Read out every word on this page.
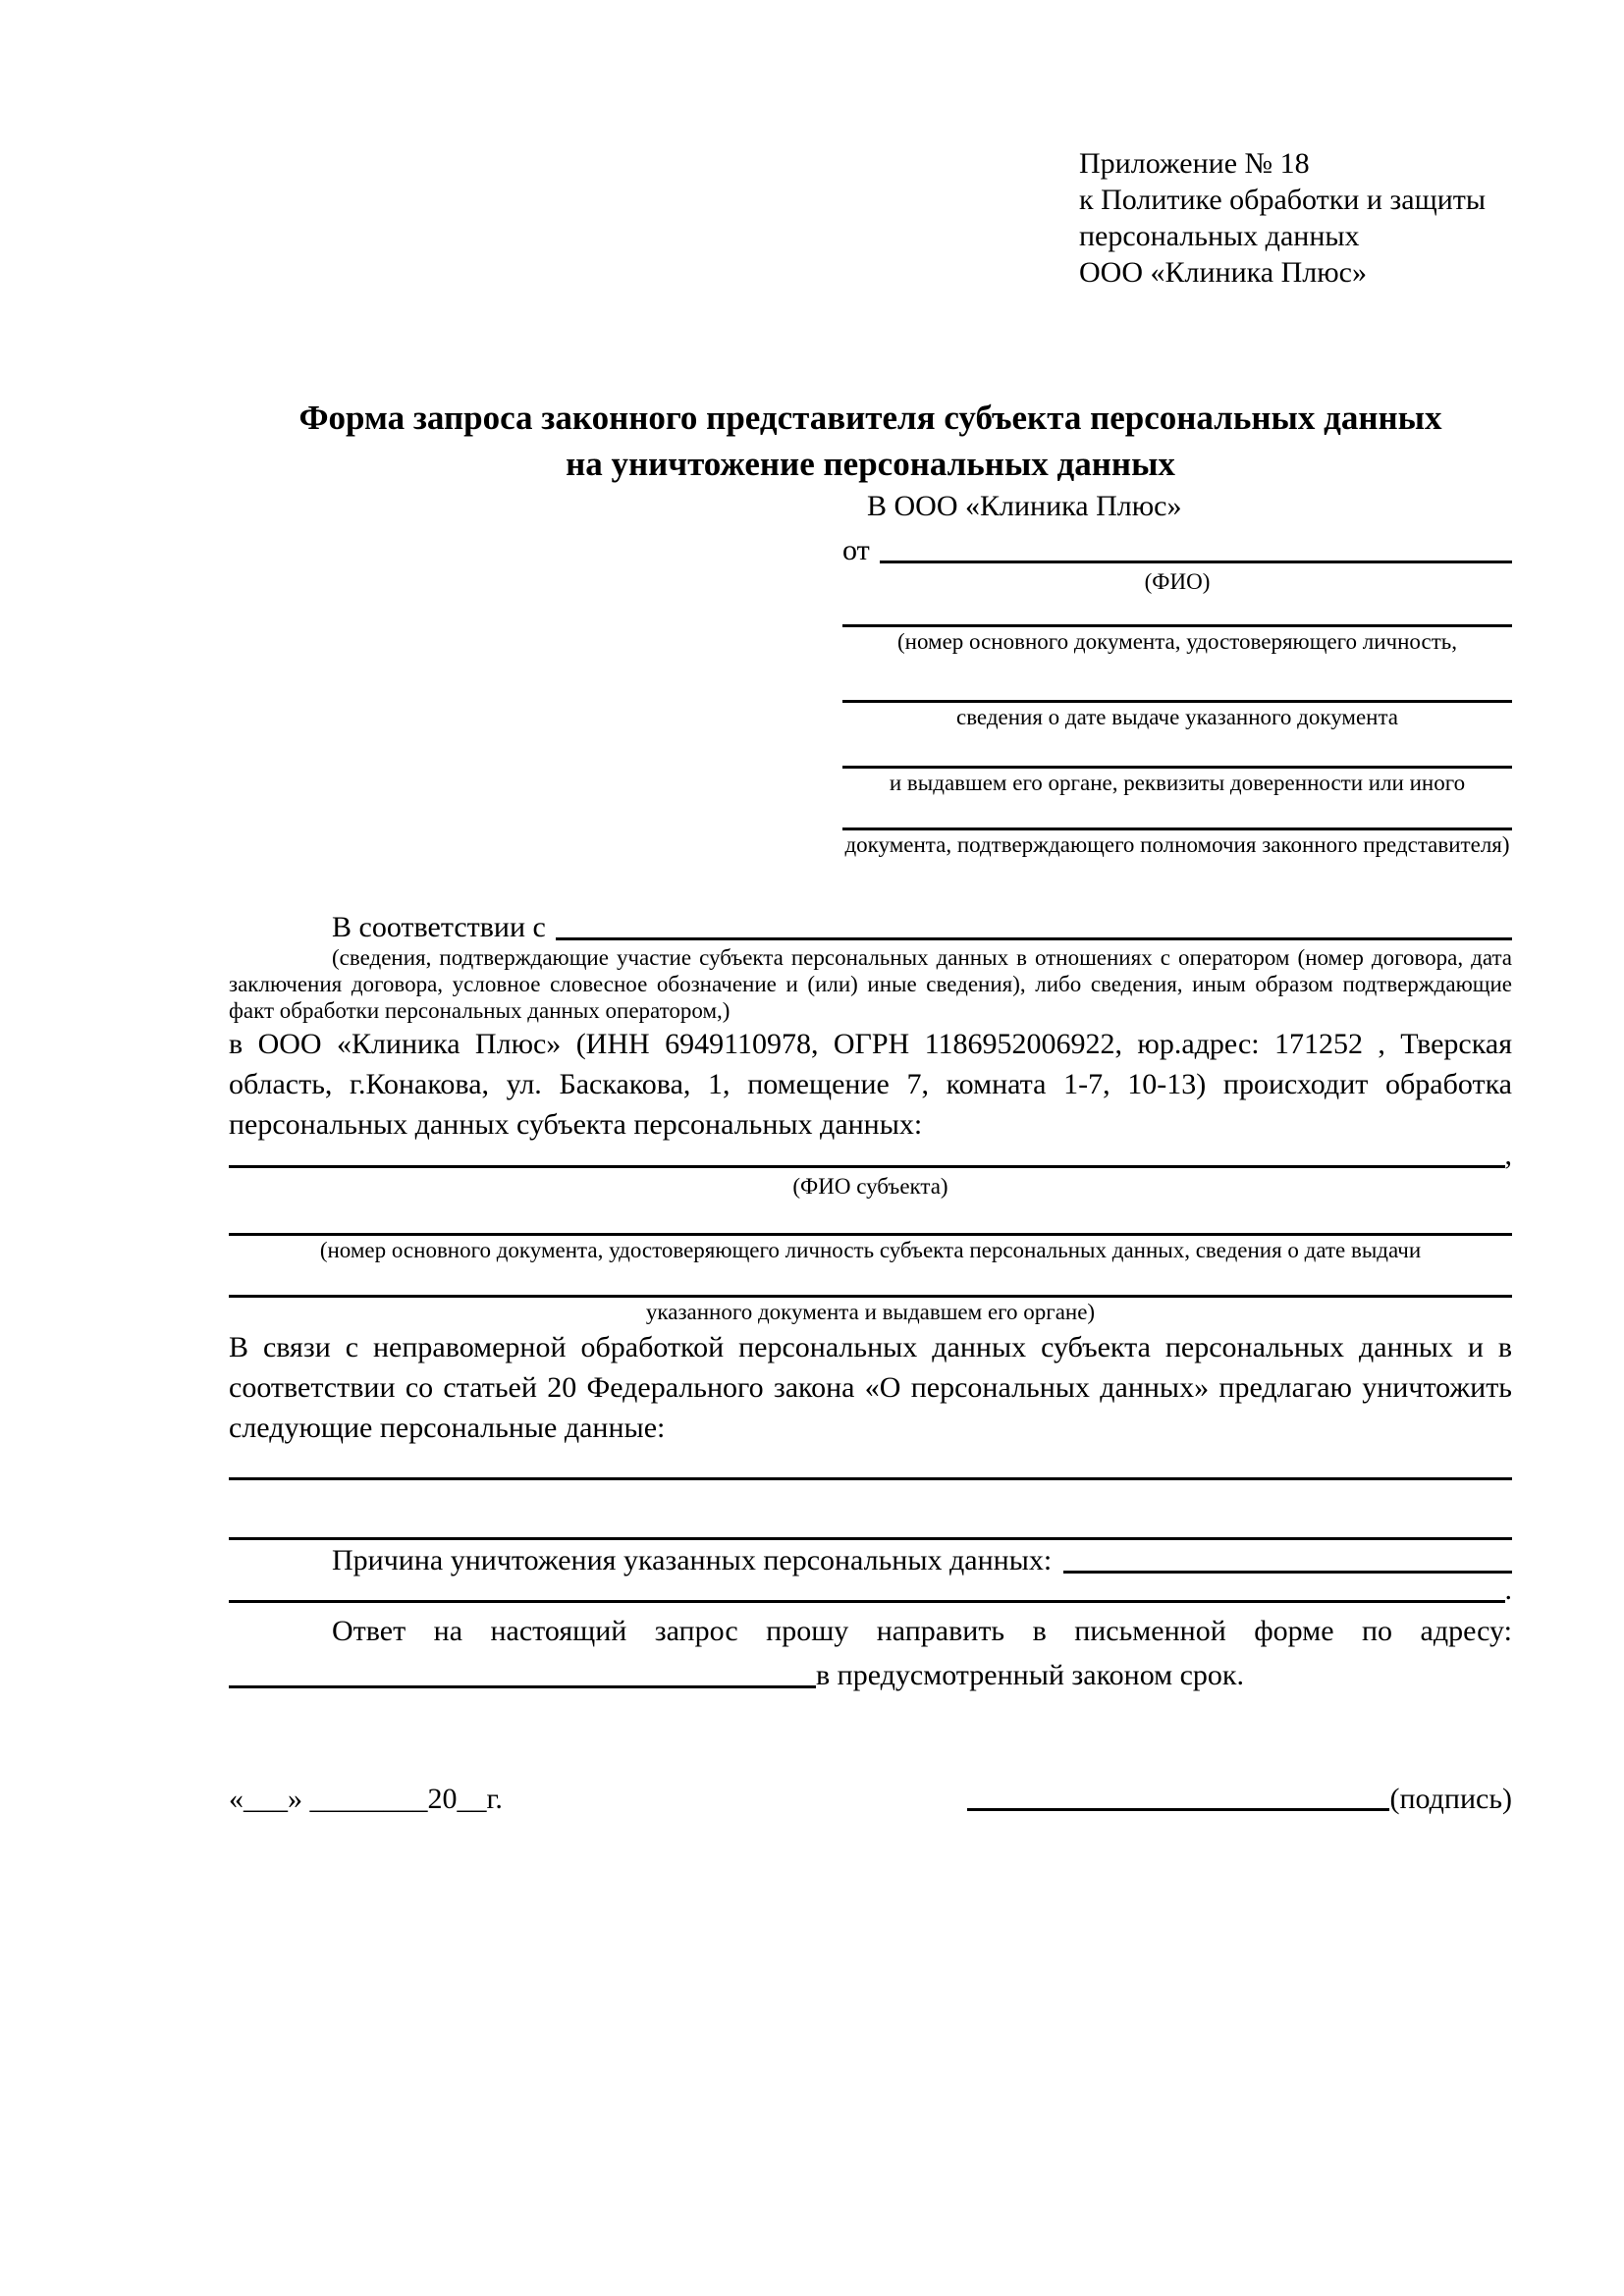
Приложение № 18
к Политике обработки и защиты
персональных данных
ООО «Клиника Плюс»
Форма запроса законного представителя субъекта персональных данных
на уничтожение персональных данных
В ООО «Клиника Плюс»
от
(ФИО)
(номер основного документа, удостоверяющего личность,
сведения о дате выдаче указанного документа
и выдавшем его органе, реквизиты доверенности или иного
документа, подтверждающего полномочия законного представителя)
В соответствии с
(сведения, подтверждающие участие субъекта персональных данных в отношениях с оператором (номер договора, дата заключения договора, условное словесное обозначение и (или) иные сведения), либо сведения, иным образом подтверждающие факт обработки персональных данных оператором,)
в ООО «Клиника Плюс» (ИНН 6949110978, ОГРН 1186952006922, юр.адрес: 171252 , Тверская область, г.Конакова, ул. Баскакова, 1, помещение 7, комната 1-7, 10-13) происходит обработка персональных данных субъекта персональных данных:
,
(ФИО субъекта)
(номер основного документа, удостоверяющего личность субъекта персональных данных, сведения о дате выдачи
указанного документа и выдавшем его органе)
В связи с неправомерной обработкой персональных данных субъекта персональных данных и в соответствии со статьей 20 Федерального закона «О персональных данных» предлагаю уничтожить следующие персональные данные:
Причина уничтожения указанных персональных данных:
.
Ответ на настоящий запрос прошу направить в письменной форме по адресу:
в предусмотренный законом срок.
«___» ________20__г.	(подпись)
